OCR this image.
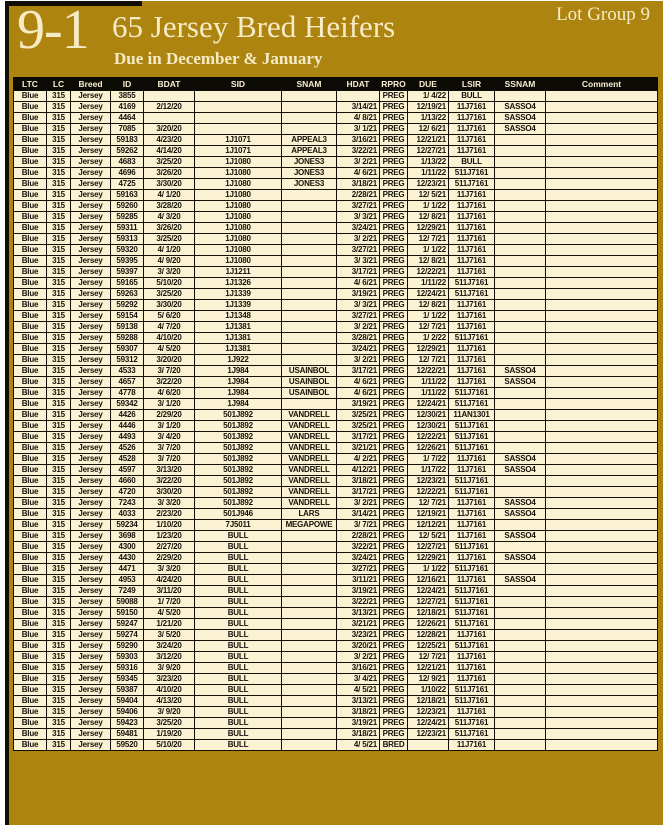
9-1 65 Jersey Bred Heifers
Due in December & January
Lot Group 9
LTC	LC	Breed	ID	BDAT	SID	SNAM	HDAT	RPRO	DUE	LSIR	SSNAM	Comment
Blue	315	Jersey	3855					PREG	1/ 4/22	BULL		
Blue	315	Jersey	4169	2/12/20			3/14/21	PREG	12/19/21	11J7161	SASSO4	
Blue	315	Jersey	4464				4/ 8/21	PREG	1/13/22	11J7161	SASSO4	
Blue	315	Jersey	7085	3/20/20			3/ 1/21	PREG	12/ 6/21	11J7161	SASSO4	
Blue	315	Jersey	59183	4/23/20	1J1071	APPEAL3	3/16/21	PREG	12/21/21	11J7161		
Blue	315	Jersey	59262	4/14/20	1J1071	APPEAL3	3/22/21	PREG	12/27/21	11J7161		
Blue	315	Jersey	4683	3/25/20	1J1080	JONES3	3/ 2/21	PREG	1/13/22	BULL		
Blue	315	Jersey	4696	3/26/20	1J1080	JONES3	4/ 6/21	PREG	1/11/22	511J7161		
Blue	315	Jersey	4725	3/30/20	1J1080	JONES3	3/18/21	PREG	12/23/21	511J7161		
Blue	315	Jersey	59163	4/ 1/20	1J1080		2/28/21	PREG	12/ 5/21	11J7161		
Blue	315	Jersey	59260	3/28/20	1J1080		3/27/21	PREG	1/ 1/22	11J7161		
Blue	315	Jersey	59285	4/ 3/20	1J1080		3/ 3/21	PREG	12/ 8/21	11J7161		
Blue	315	Jersey	59311	3/26/20	1J1080		3/24/21	PREG	12/29/21	11J7161		
Blue	315	Jersey	59313	3/25/20	1J1080		3/ 2/21	PREG	12/ 7/21	11J7161		
Blue	315	Jersey	59320	4/ 1/20	1J1080		3/27/21	PREG	1/ 1/22	11J7161		
Blue	315	Jersey	59395	4/ 9/20	1J1080		3/ 3/21	PREG	12/ 8/21	11J7161		
Blue	315	Jersey	59397	3/ 3/20	1J1211		3/17/21	PREG	12/22/21	11J7161		
Blue	315	Jersey	59165	5/10/20	1J1326		4/ 6/21	PREG	1/11/22	511J7161		
Blue	315	Jersey	59263	3/25/20	1J1339		3/19/21	PREG	12/24/21	511J7161		
Blue	315	Jersey	59292	3/30/20	1J1339		3/ 3/21	PREG	12/ 8/21	11J7161		
Blue	315	Jersey	59154	5/ 6/20	1J1348		3/27/21	PREG	1/ 1/22	11J7161		
Blue	315	Jersey	59138	4/ 7/20	1J1381		3/ 2/21	PREG	12/ 7/21	11J7161		
Blue	315	Jersey	59288	4/10/20	1J1381		3/28/21	PREG	1/ 2/22	511J7161		
Blue	315	Jersey	59307	4/ 5/20	1J1381		3/24/21	PREG	12/29/21	11J7161		
Blue	315	Jersey	59312	3/20/20	1J922		3/ 2/21	PREG	12/ 7/21	11J7161		
Blue	315	Jersey	4533	3/ 7/20	1J984	USAINBOL	3/17/21	PREG	12/22/21	11J7161	SASSO4	
Blue	315	Jersey	4657	3/22/20	1J984	USAINBOL	4/ 6/21	PREG	1/11/22	11J7161	SASSO4	
Blue	315	Jersey	4778	4/ 6/20	1J984	USAINBOL	4/ 6/21	PREG	1/11/22	511J7161		
Blue	315	Jersey	59342	3/ 1/20	1J984		3/19/21	PREG	12/24/21	511J7161		
Blue	315	Jersey	4426	2/29/20	501J892	VANDRELL	3/25/21	PREG	12/30/21	11AN1301		
Blue	315	Jersey	4446	3/ 1/20	501J892	VANDRELL	3/25/21	PREG	12/30/21	511J7161		
Blue	315	Jersey	4493	3/ 4/20	501J892	VANDRELL	3/17/21	PREG	12/22/21	511J7161		
Blue	315	Jersey	4526	3/ 7/20	501J892	VANDRELL	3/21/21	PREG	12/26/21	511J7161		
Blue	315	Jersey	4528	3/ 7/20	501J892	VANDRELL	4/ 2/21	PREG	1/ 7/22	11J7161	SASSO4	
Blue	315	Jersey	4597	3/13/20	501J892	VANDRELL	4/12/21	PREG	1/17/22	11J7161	SASSO4	
Blue	315	Jersey	4660	3/22/20	501J892	VANDRELL	3/18/21	PREG	12/23/21	511J7161		
Blue	315	Jersey	4720	3/30/20	501J892	VANDRELL	3/17/21	PREG	12/22/21	511J7161		
Blue	315	Jersey	7243	3/ 3/20	501J892	VANDRELL	3/ 2/21	PREG	12/ 7/21	11J7161	SASSO4	
Blue	315	Jersey	4033	2/23/20	501J946	LARS	3/14/21	PREG	12/19/21	11J7161	SASSO4	
Blue	315	Jersey	59234	1/10/20	7J5011	MEGAPOWE	3/ 7/21	PREG	12/12/21	11J7161		
Blue	315	Jersey	3698	1/23/20	BULL		2/28/21	PREG	12/ 5/21	11J7161	SASSO4	
Blue	315	Jersey	4300	2/27/20	BULL		3/22/21	PREG	12/27/21	511J7161		
Blue	315	Jersey	4430	2/29/20	BULL		3/24/21	PREG	12/29/21	11J7161	SASSO4	
Blue	315	Jersey	4471	3/ 3/20	BULL		3/27/21	PREG	1/ 1/22	511J7161		
Blue	315	Jersey	4953	4/24/20	BULL		3/11/21	PREG	12/16/21	11J7161	SASSO4	
Blue	315	Jersey	7249	3/11/20	BULL		3/19/21	PREG	12/24/21	511J7161		
Blue	315	Jersey	59088	1/ 7/20	BULL		3/22/21	PREG	12/27/21	511J7161		
Blue	315	Jersey	59150	4/ 5/20	BULL		3/13/21	PREG	12/18/21	511J7161		
Blue	315	Jersey	59247	1/21/20	BULL		3/21/21	PREG	12/26/21	511J7161		
Blue	315	Jersey	59274	3/ 5/20	BULL		3/23/21	PREG	12/28/21	11J7161		
Blue	315	Jersey	59290	3/24/20	BULL		3/20/21	PREG	12/25/21	511J7161		
Blue	315	Jersey	59303	3/12/20	BULL		3/ 2/21	PREG	12/ 7/21	11J7161		
Blue	315	Jersey	59316	3/ 9/20	BULL		3/16/21	PREG	12/21/21	11J7161		
Blue	315	Jersey	59345	3/23/20	BULL		3/ 4/21	PREG	12/ 9/21	11J7161		
Blue	315	Jersey	59387	4/10/20	BULL		4/ 5/21	PREG	1/10/22	511J7161		
Blue	315	Jersey	59404	4/13/20	BULL		3/13/21	PREG	12/18/21	511J7161		
Blue	315	Jersey	59406	3/ 9/20	BULL		3/18/21	PREG	12/23/21	11J7161		
Blue	315	Jersey	59423	3/25/20	BULL		3/19/21	PREG	12/24/21	511J7161		
Blue	315	Jersey	59481	1/19/20	BULL		3/18/21	PREG	12/23/21	511J7161		
Blue	315	Jersey	59520	5/10/20	BULL		4/ 5/21	BRED		11J7161		
